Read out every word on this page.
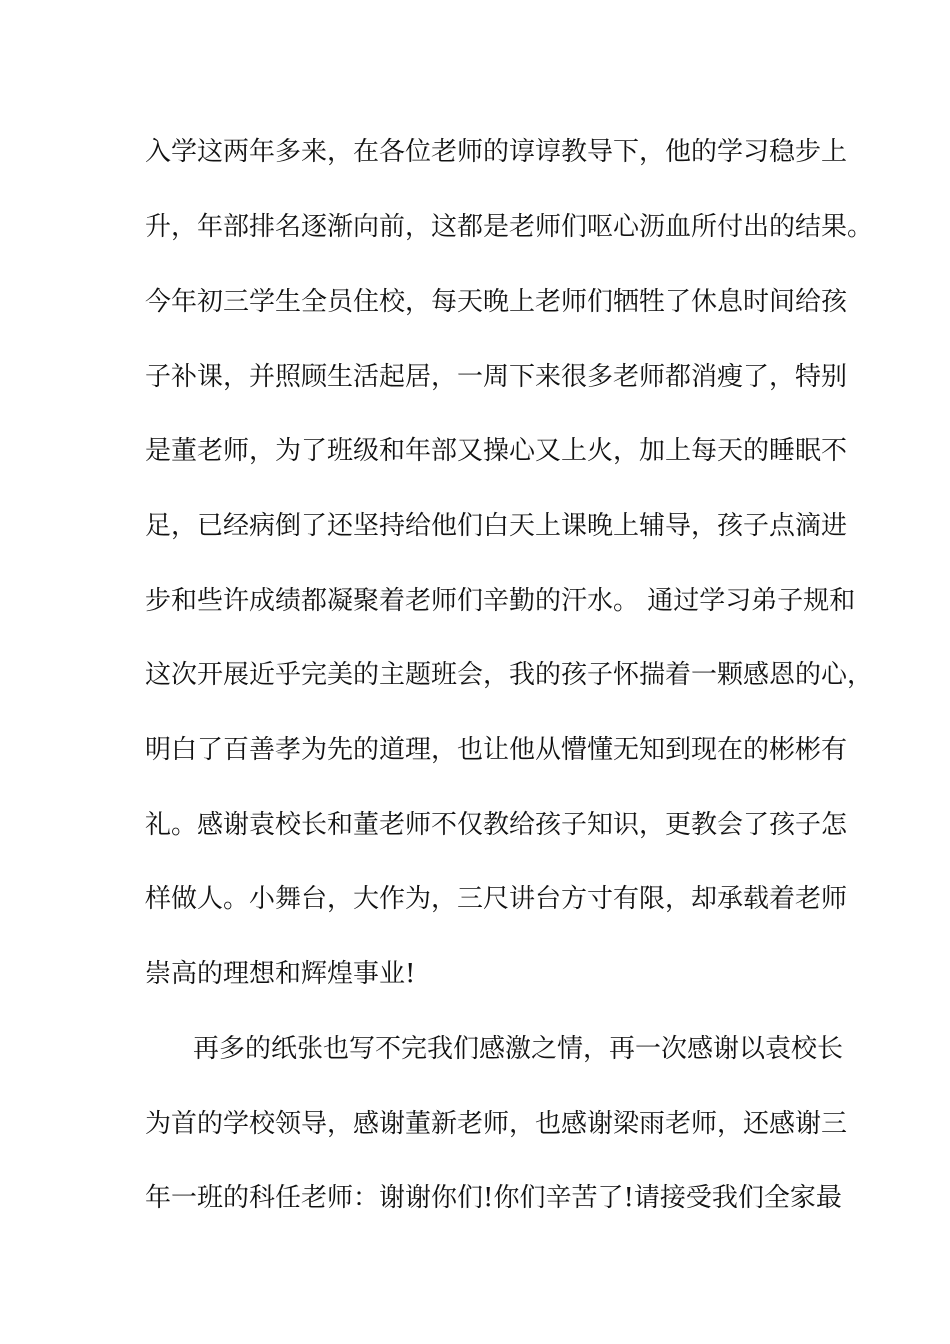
入学这两年多来，在各位老师的谆谆教导下，他的学习稳步上
升，年部排名逐渐向前，这都是老师们呕心沥血所付出的结果。
今年初三学生全员住校，每天晚上老师们牺牲了休息时间给孩
子补课，并照顾生活起居，一周下来很多老师都消瘦了，特别
是董老师，为了班级和年部又操心又上火，加上每天的睡眠不
足，已经病倒了还坚持给他们白天上课晚上辅导，孩子点滴进
步和些许成绩都凝聚着老师们辛勤的汗水。 通过学习弟子规和
这次开展近乎完美的主题班会，我的孩子怀揣着一颗感恩的心，
明白了百善孝为先的道理，也让他从懵懂无知到现在的彬彬有
礼。感谢袁校长和董老师不仅教给孩子知识，更教会了孩子怎
样做人。小舞台，大作为，三尺讲台方寸有限，却承载着老师
崇高的理想和辉煌事业!
再多的纸张也写不完我们感激之情，再一次感谢以袁校长
为首的学校领导，感谢董新老师，也感谢梁雨老师，还感谢三
年一班的科任老师：谢谢你们!你们辛苦了!请接受我们全家最
